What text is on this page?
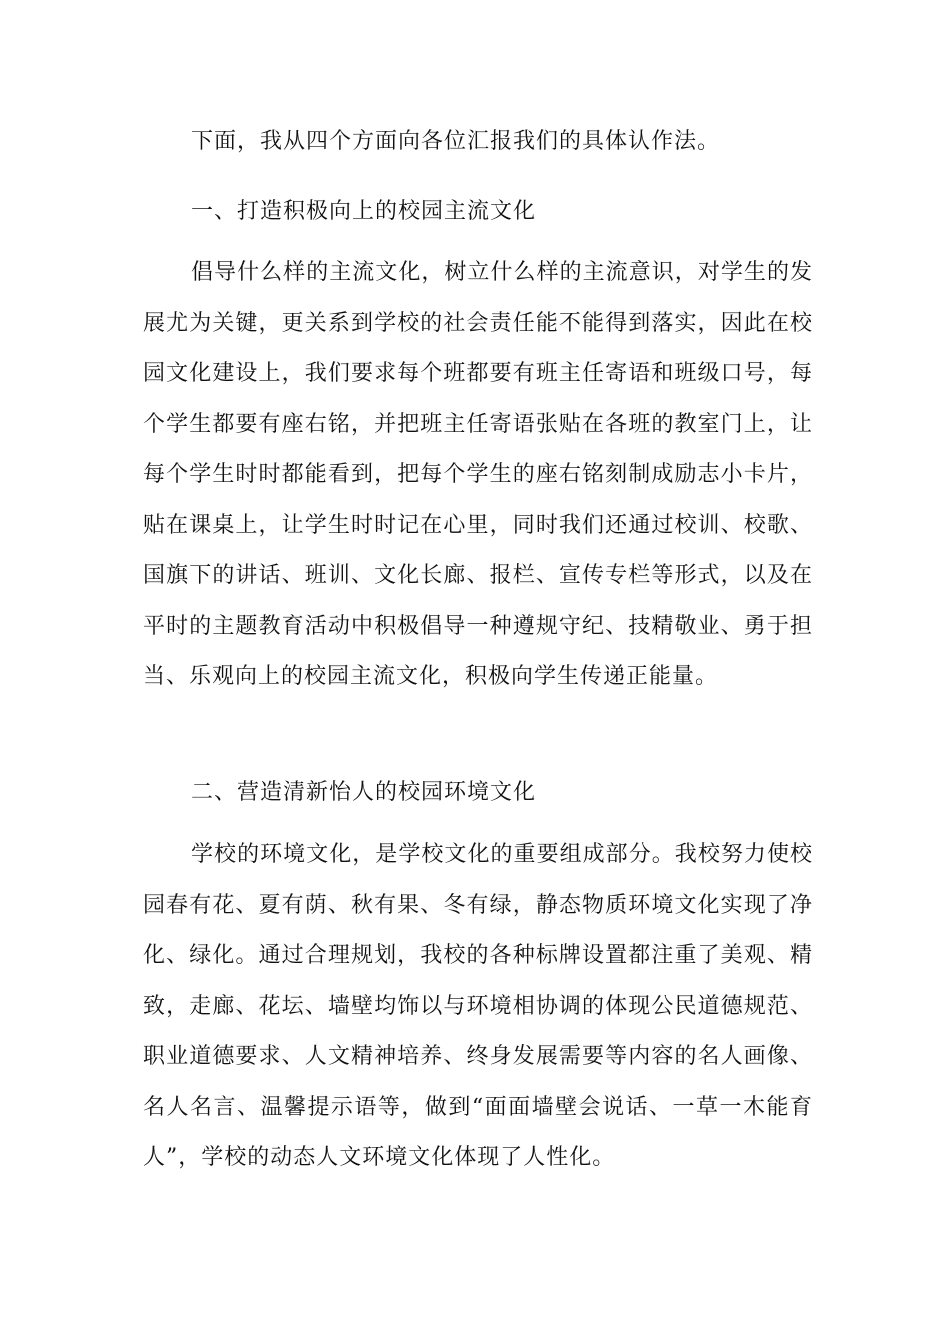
下面，我从四个方面向各位汇报我们的具体认作法。

一、打造积极向上的校园主流文化

倡导什么样的主流文化，树立什么样的主流意识，对学生的发展尤为关键，更关系到学校的社会责任能不能得到落实，因此在校园文化建设上，我们要求每个班都要有班主任寄语和班级口号，每个学生都要有座右铭，并把班主任寄语张贴在各班的教室门上，让每个学生时时都能看到，把每个学生的座右铭刻制成励志小卡片，贴在课桌上，让学生时时记在心里，同时我们还通过校训、校歌、国旗下的讲话、班训、文化长廊、报栏、宣传专栏等形式，以及在平时的主题教育活动中积极倡导一种遵规守纪、技精敬业、勇于担当、乐观向上的校园主流文化，积极向学生传递正能量。

二、营造清新怡人的校园环境文化

学校的环境文化，是学校文化的重要组成部分。我校努力使校园春有花、夏有荫、秋有果、冬有绿，静态物质环境文化实现了净化、绿化。通过合理规划，我校的各种标牌设置都注重了美观、精致，走廊、花坛、墙壁均饰以与环境相协调的体现公民道德规范、职业道德要求、人文精神培养、终身发展需要等内容的名人画像、名人名言、温馨提示语等，做到“面面墙壁会说话、一草一木能育人”，学校的动态人文环境文化体现了人性化。
